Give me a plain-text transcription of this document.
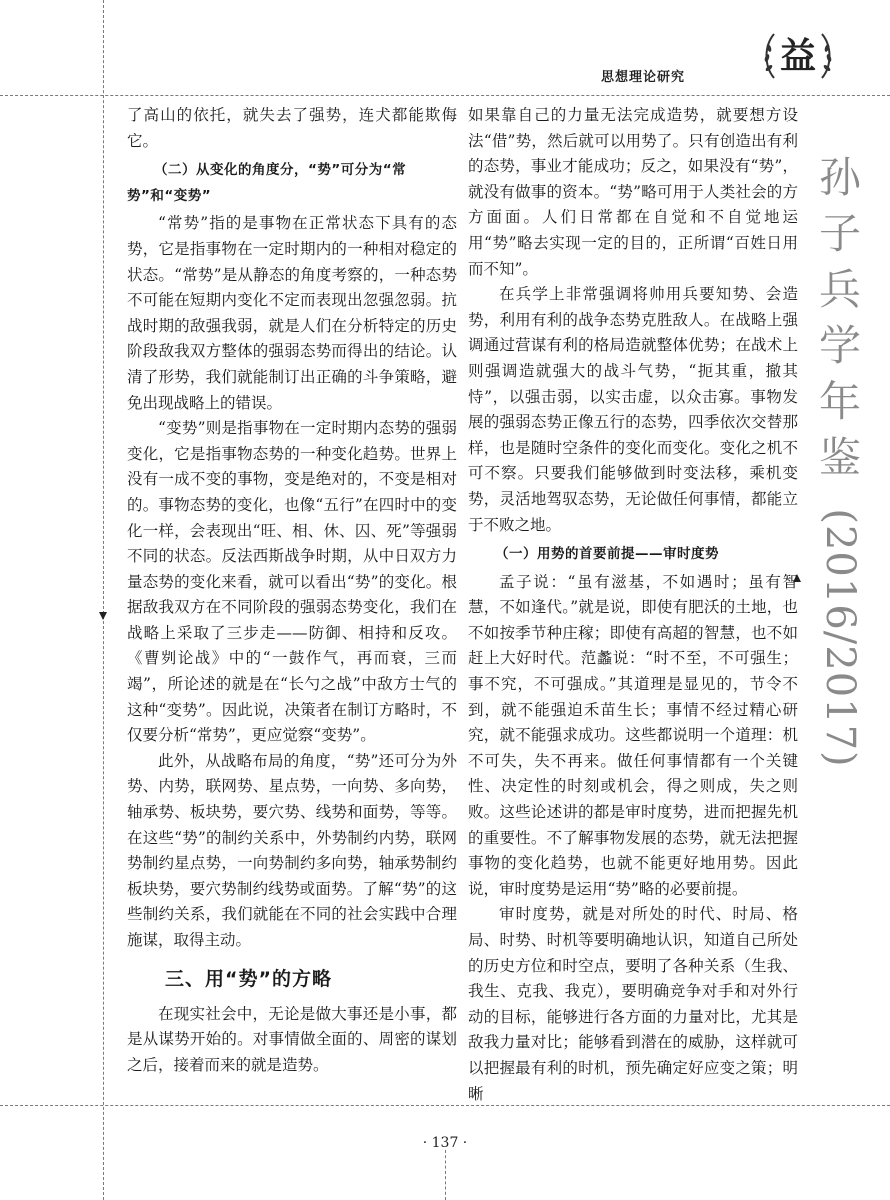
益
思想理论研究
孙
子
兵
学
年
鉴
(2016/2017)

了高山的依托，就失去了强势，连犬都能欺侮它。

（二）从变化的角度分，“势”可分为“常势”和“变势”

“常势”指的是事物在正常状态下具有的态势，它是指事物在一定时期内的一种相对稳定的状态。“常势”是从静态的角度考察的，一种态势不可能在短期内变化不定而表现出忽强忽弱。抗战时期的敌强我弱，就是人们在分析特定的历史阶段敌我双方整体的强弱态势而得出的结论。认清了形势，我们就能制订出正确的斗争策略，避免出现战略上的错误。

“变势”则是指事物在一定时期内态势的强弱变化，它是指事物态势的一种变化趋势。世界上没有一成不变的事物，变是绝对的，不变是相对的。事物态势的变化，也像“五行”在四时中的变化一样，会表现出“旺、相、休、囚、死”等强弱不同的状态。反法西斯战争时期，从中日双方力量态势的变化来看，就可以看出“势”的变化。根据敌我双方在不同阶段的强弱态势变化，我们在战略上采取了三步走——防御、相持和反攻。《曹刿论战》中的“一鼓作气，再而衰，三而竭”，所论述的就是在“长勺之战”中敌方士气的这种“变势”。因此说，决策者在制订方略时，不仅要分析“常势”，更应觉察“变势”。

此外，从战略布局的角度，“势”还可分为外势、内势，联网势、星点势，一向势、多向势，轴承势、板块势，要穴势、线势和面势，等等。在这些“势”的制约关系中，外势制约内势，联网势制约星点势，一向势制约多向势，轴承势制约板块势，要穴势制约线势或面势。了解“势”的这些制约关系，我们就能在不同的社会实践中合理施谋，取得主动。

三、用“势”的方略

在现实社会中，无论是做大事还是小事，都是从谋势开始的。对事情做全面的、周密的谋划之后，接着而来的就是造势。

如果靠自己的力量无法完成造势，就要想方设法“借”势，然后就可以用势了。只有创造出有利的态势，事业才能成功；反之，如果没有“势”，就没有做事的资本。“势”略可用于人类社会的方方面面。人们日常都在自觉和不自觉地运用“势”略去实现一定的目的，正所谓“百姓日用而不知”。

在兵学上非常强调将帅用兵要知势、会造势，利用有利的战争态势克胜敌人。在战略上强调通过营谋有利的格局造就整体优势；在战术上则强调造就强大的战斗气势，“扼其重，撤其恃”，以强击弱，以实击虚，以众击寡。事物发展的强弱态势正像五行的态势，四季依次交替那样，也是随时空条件的变化而变化。变化之机不可不察。只要我们能够做到时变法移，乘机变势，灵活地驾驭态势，无论做任何事情，都能立于不败之地。

（一）用势的首要前提——审时度势

孟子说：“虽有滋基，不如遇时；虽有智慧，不如逢代。”就是说，即使有肥沃的土地，也不如按季节种庄稼；即使有高超的智慧，也不如赶上大好时代。范蠡说：“时不至，不可强生；事不究，不可强成。”其道理是显见的，节令不到，就不能强迫禾苗生长；事情不经过精心研究，就不能强求成功。这些都说明一个道理：机不可失，失不再来。做任何事情都有一个关键性、决定性的时刻或机会，得之则成，失之则败。这些论述讲的都是审时度势，进而把握先机的重要性。不了解事物发展的态势，就无法把握事物的变化趋势，也就不能更好地用势。因此说，审时度势是运用“势”略的必要前提。

审时度势，就是对所处的时代、时局、格局、时势、时机等要明确地认识，知道自己所处的历史方位和时空点，要明了各种关系（生我、我生、克我、我克），要明确竞争对手和对外行动的目标，能够进行各方面的力量对比，尤其是敌我力量对比；能够看到潜在的威胁，这样就可以把握最有利的时机，预先确定好应变之策；明晰

· 137 ·
